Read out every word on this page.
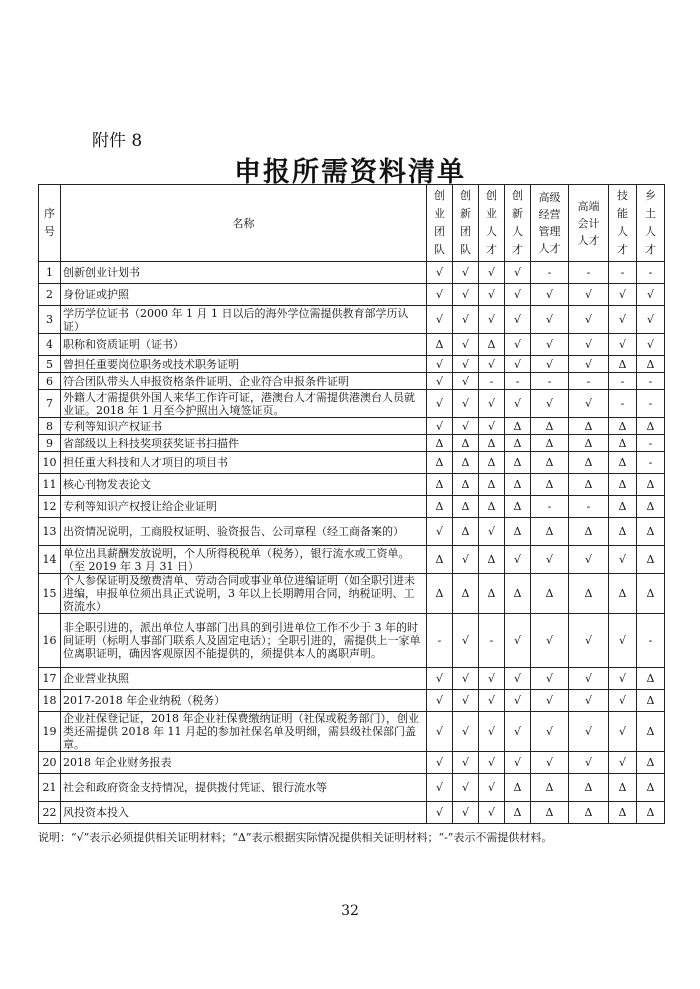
附件 8
申报所需资料清单
序号	名称	创业团队	创新团队	创业人才	创新人才	高级经营管理人才	高端会计人才	技能人才	乡土人才
1	创新创业计划书	√	√	√	√	-	-	-	-
2	身份证或护照	√	√	√	√	√	√	√	√
3	学历学位证书（2000 年 1 月 1 日以后的海外学位需提供教育部学历认证）	√	√	√	√	√	√	√	√
4	职称和资质证明（证书）	Δ	√	Δ	√	√	√	√	√
5	曾担任重要岗位职务或技术职务证明	√	√	√	√	√	√	Δ	Δ
6	符合团队带头人申报资格条件证明、企业符合申报条件证明	√	√	-	-	-	-	-	-
7	外籍人才需提供外国人来华工作许可证，港澳台人才需提供港澳台人员就业证。2018 年 1 月至今护照出入境签证页。	√	√	√	√	√	√	-	-
8	专利等知识产权证书	√	√	√	Δ	Δ	Δ	Δ	Δ
9	省部级以上科技奖项获奖证书扫描件	Δ	Δ	Δ	Δ	Δ	Δ	Δ	-
10	担任重大科技和人才项目的项目书	Δ	Δ	Δ	Δ	Δ	Δ	Δ	-
11	核心刊物发表论文	Δ	Δ	Δ	Δ	Δ	Δ	Δ	Δ
12	专利等知识产权授让给企业证明	Δ	Δ	Δ	Δ	-	-	Δ	Δ
13	出资情况说明，工商股权证明、验资报告、公司章程（经工商备案的）	√	Δ	√	Δ	Δ	Δ	Δ	Δ
14	单位出具薪酬发放说明，个人所得税税单（税务），银行流水或工资单。（至 2019 年 3 月 31 日）	Δ	√	Δ	√	√	√	√	Δ
15	个人参保证明及缴费清单、劳动合同或事业单位进编证明（如全职引进未进编，申报单位须出具正式说明，3 年以上长期聘用合同，纳税证明、工资流水）	Δ	Δ	Δ	Δ	Δ	Δ	Δ	Δ
16	非全职引进的，派出单位人事部门出具的到引进单位工作不少于 3 年的时间证明（标明人事部门联系人及固定电话）；全职引进的，需提供上一家单位离职证明，确因客观原因不能提供的，须提供本人的离职声明。	-	√	-	√	√	√	√	-
17	企业营业执照	√	√	√	√	√	√	√	Δ
18	2017-2018 年企业纳税（税务）	√	√	√	√	√	√	√	Δ
19	企业社保登记证，2018 年企业社保费缴纳证明（社保或税务部门），创业类还需提供 2018 年 11 月起的参加社保名单及明细，需县级社保部门盖章。	√	√	√	√	√	√	√	Δ
20	2018 年企业财务报表	√	√	√	√	√	√	√	Δ
21	社会和政府资金支持情况，提供拨付凭证、银行流水等	√	√	√	Δ	Δ	Δ	Δ	Δ
22	风投资本投入	√	√	√	Δ	Δ	Δ	Δ	Δ
说明：“√”表示必须提供相关证明材料；“Δ”表示根据实际情况提供相关证明材料；“-”表示不需提供材料。
32
